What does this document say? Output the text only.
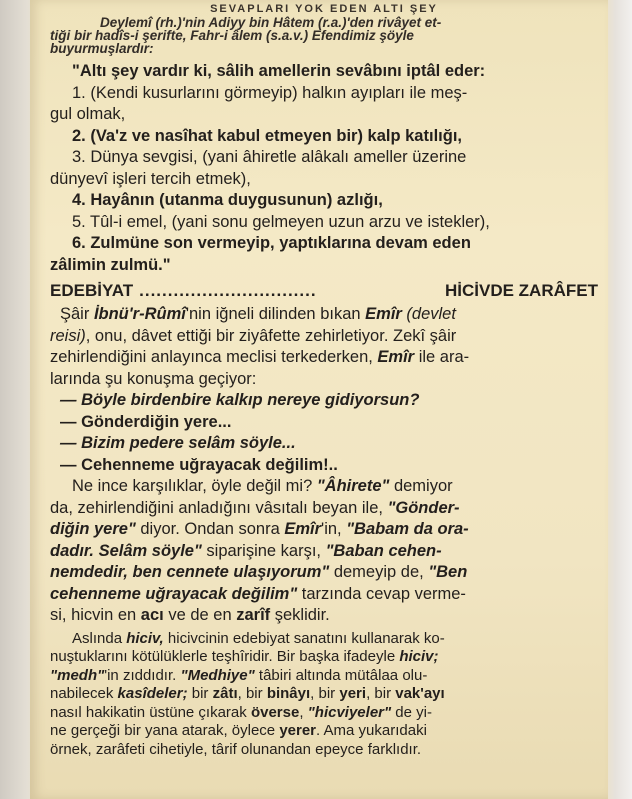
SEVAPLARI YOK EDEN ALTI ŞEY
Deylemî (rh.)'nin Adiyy bin Hâtem (r.a.)'den rivâyet et-
tiği bir hadîs-i şerifte, Fahr-i âlem (s.a.v.) Efendimiz şöyle
buyurmuşlardır:
"Altı şey vardır ki, sâlih amellerin sevâbını iptâl eder:
1. (Kendi kusurlarını görmeyip) halkın ayıpları ile meş-
gul olmak,
2. (Va'z ve nasîhat kabul etmeyen bir) kalp katılığı,
3. Dünya sevgisi, (yani âhiretle alâkalı ameller üzerine
dünyevî işleri tercih etmek),
4. Hayânın (utanma duygusunun) azlığı,
5. Tûl-i emel, (yani sonu gelmeyen uzun arzu ve istekler),
6. Zulmüne son vermeyip, yaptıklarına devam eden
zâlimin zulmü."
EDEBİYAT ...............................	HİCİVDE ZARÂFET
Şâir İbnü'r-Rûmî'nin iğneli dilinden bıkan Emîr (devlet
reisi), onu, dâvet ettiği bir ziyâfette zehirletiyor. Zekî şâir
zehirlendiğini anlayınca meclisi terkederken, Emîr ile ara-
larında şu konuşma geçiyor:
— Böyle birdenbire kalkıp nereye gidiyorsun?
— Gönderdiğin yere...
— Bizim pedere selâm söyle...
— Cehenneme uğrayacak değilim!..
Ne ince karşılıklar, öyle değil mi? "Âhirete" demiyor
da, zehirlendiğini anladığını vâsıtalı beyan ile, "Gönder-
diğin yere" diyor. Ondan sonra Emîr'in, "Babam da ora-
dadır. Selâm söyle" siparişine karşı, "Baban cehen-
nemdedir, ben cennete ulaşıyorum" demeyip de, "Ben
cehenneme uğrayacak değilim" tarzında cevap verme-
si, hicvin en acı ve de en zarîf şeklidir.
Aslında hiciv, hicivcinin edebiyat sanatını kullanarak ko-
nuştuklarını kötülüklerle teşhîridir. Bir başka ifadeyle hiciv;
"medh"'in zıddıdır. "Medhiye" tâbiri altında mütâlaa olu-
nabilecek kasîdeler; bir zâtı, bir binâyı, bir yeri, bir vak'ayı
nasıl hakikatin üstüne çıkarak överse, "hicviyeler" de yi-
ne gerçeği bir yana atarak, öylece yerer. Ama yukarıdaki
örnek, zarâfeti cihetiyle, târif olunandan epeyce farklıdır.
